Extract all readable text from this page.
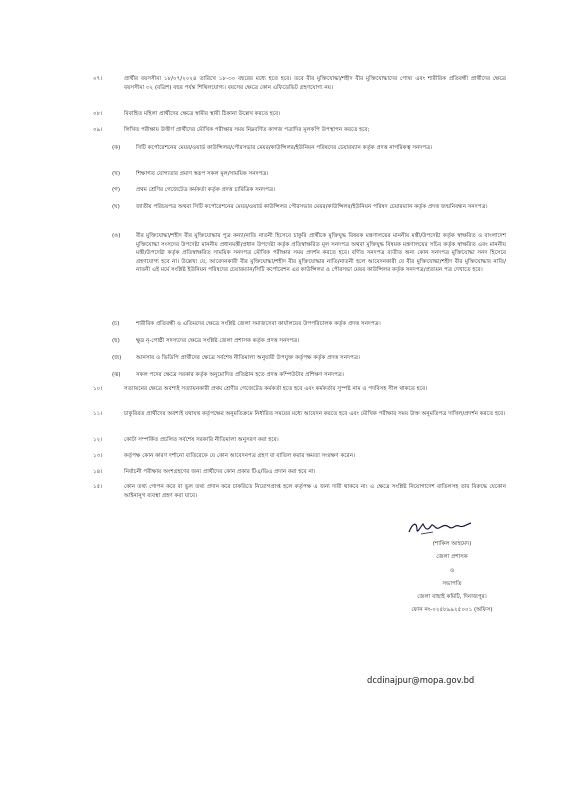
০৭।	প্রার্থীর বয়সসীমা ১৮/০৭/২০২৪ তারিখে ১৮-৩০ বছরের মধ্যে হতে হবে। তবে বীর মুক্তিযোদ্ধা/শহীদ বীর মুক্তিযোদ্ধাদের পোষ্য এবং শারীরিক প্রতিবন্ধী প্রার্থীদের ক্ষেত্রে বয়সসীমা ৩২ (বত্রিশ) বছর পর্যন্ত শিথিলযোগ্য। বয়সের ক্ষেত্রে কোন এফিডেভিট গ্রহণযোগ্য নয়।
০৮।	বিবাহিত মহিলা প্রার্থীদের ক্ষেত্রে স্বামীর স্থায়ী ঠিকানা উল্লেখ করতে হবে।
০৯।	লিখিত পরীক্ষায় উত্তীর্ণ প্রার্থীদের মৌখিক পরীক্ষার সময় নিম্নবর্ণিত কাগজ পত্রাদির মূলকপি উপস্থাপন করতে হবে;
(ক)	সিটি কর্পোরেশনের মেয়র/ওয়ার্ড কাউন্সিলর/পৌরসভার মেয়র/কাউন্সিলর/ইউনিয়ন পরিষদের চেয়ারম্যান কর্তৃক প্রদত্ত নাগরিকত্ব সনদপত্র।
(খ)	শিক্ষাগত যোগ্যতার প্রমাণ স্বরূপ সকল মূল/সাময়িক সনদপত্র।
(গ)	প্রথম শ্রেণির গেজেটেড কর্মকর্তা কর্তৃক প্রদত্ত চারিত্রিক সনদপত্র।
(ঘ)	জাতীয় পরিচয়পত্র অথবা সিটি কর্পোরেশনের মেয়র/ওয়ার্ড কাউন্সিলর পৌরসভার মেয়র/কাউন্সিলর/ইউনিয়ন পরিষদ চেয়ারম্যান কর্তৃক প্রদত্ত জন্মনিবন্ধন সনদপত্র।
(ঙ)	বীর মুক্তিযোদ্ধা/শহীদ বীর মুক্তিযোদ্ধার পুত্র কন্যা/নাতি নাতনী হিসেবে চাকুরি প্রার্থীকে মুক্তিযুদ্ধ বিষয়ক মন্ত্রণালয়ের মাননীয় মন্ত্রী/উপদেষ্টা কর্তৃক স্বাক্ষরিত ও বাংলাদেশ মুক্তিযোদ্ধা সংসদের উপদেষ্টা মাননীয় প্রধানমন্ত্রী/প্রধান উপদেষ্টা কর্তৃক প্রতিস্বাক্ষরিত মূল সনদপত্র অথবা মুক্তিযুদ্ধ বিষয়ক মন্ত্রণালয়ের সচিব কর্তৃক স্বাক্ষরিত এবং মাননীয় মন্ত্রী/উপদেষ্টা কর্তৃক প্রতিস্বাক্ষরিত সাময়িক সনদপত্র মৌখিক পরীক্ষার সময় প্রদর্শন করতে হবে। বর্ণিত সনদপত্র ব্যতীত অন্য কোন সনদপত্র মুক্তিযোদ্ধা সনদ হিসেবে গ্রহণযোগ্য হবে না। উল্লেখ্য যে, আবেদনকারী বীর মুক্তিযোদ্ধা/শহীদ বীর মুক্তিযোদ্ধার নাতি/নাতনী হলে আবেদনকারী যে বীর মুক্তিযোদ্ধা/শহীদ বীর মুক্তিযোদ্ধার নাতি/নাতনী এই মর্মে সংশ্লিষ্ট ইউনিয়ন পরিষদের চেয়ারম্যান/সিটি কর্পোরেশন এর কাউন্সিলর ও পৌরসভা মেয়র কাউন্সিলর কর্তৃক সনদপত্র/প্রত্যয়ন পত্র দেখাতে হবে।
(চ)	শারীরিক প্রতিবন্ধী ও এতিমদের ক্ষেত্রে সংশ্লিষ্ট জেলা সমাজসেবা কার্যালয়ের উপপরিচালক কর্তৃক প্রদত্ত সনদপত্র।
(ছ)	ক্ষুদ্র নৃ-গোষ্ঠী সদস্যদের ক্ষেত্রে সংশ্লিষ্ট জেলা প্রশাসক কর্তৃক প্রদত্ত সনদপত্র।
(জ)	আনসার ও ভিডিপি প্রার্থীদের ক্ষেত্রে সর্বশেষ নীতিমালা অনুযায়ী উপযুক্ত কর্তৃপক্ষ কর্তৃক প্রদত্ত সনদপত্র।
(ঝ)	সকল পদের ক্ষেত্রে সরকার কর্তৃক অনুমোদিত প্রতিষ্ঠান হতে প্রদত্ত কম্পিউটার প্রশিক্ষণ সনদপত্র।
১০।	সত্যায়নের ক্ষেত্রে অবশ্যই সত্যায়নকারী প্রথম শ্রেণীর গেজেটেড কর্মকর্তা হতে হবে এবং কর্মকর্তার সুস্পষ্ট নাম ও পদবিসহ সীল থাকতে হবে।
১১।	চাকুরিরত প্রার্থীদের অবশ্যই যথাযথ কর্তৃপক্ষের অনুমতিক্রমে নির্ধারিত সময়ের মধ্যে আবেদন করতে হবে এবং মৌখিক পরীক্ষার সময় উক্ত অনুমতিপত্র দাখিল/প্রদর্শন করতে হবে।
১২।	কোটা সম্পর্কিত প্রচলিত সর্বশেষ সরকারি নীতিমালা অনুসরণ করা হবে।
১৩।	কর্তৃপক্ষ কোন কারণ দর্শানো ব্যতিরেকে যে কোন আবেদনপত্র গ্রহণ বা বাতিল করার ক্ষমতা সংরক্ষণ করেন।
১৪।	নির্বাচনী পরীক্ষায় অংশগ্রহণের জন্য প্রার্থীদের কোন প্রকার টিএ/ডিএ প্রদান করা হবে না।
১৫।	কোন তথ্য গোপন করে বা ভুল তথ্য প্রদান করে চাকরিতে নিয়োগপ্রাপ্ত হলে কর্তৃপক্ষ এ জন্য দায়ী থাকবে না। এ ক্ষেত্রে সংশ্লিষ্ট নিয়োগাদেশ বাতিলসহ তার বিরুদ্ধে যেকোন আইনানুগ ব্যবস্থা গ্রহণ করা যাবে।
(শাকিল আহমেদ)
জেলা প্রশাসক
ও
সভাপতি
জেলা বাছাই কমিটি, দিনাজপুর।
ফোন নং-০২৫৮৯৯২৫০০১ (অফিস)
dcdinajpur@mopa.gov.bd
